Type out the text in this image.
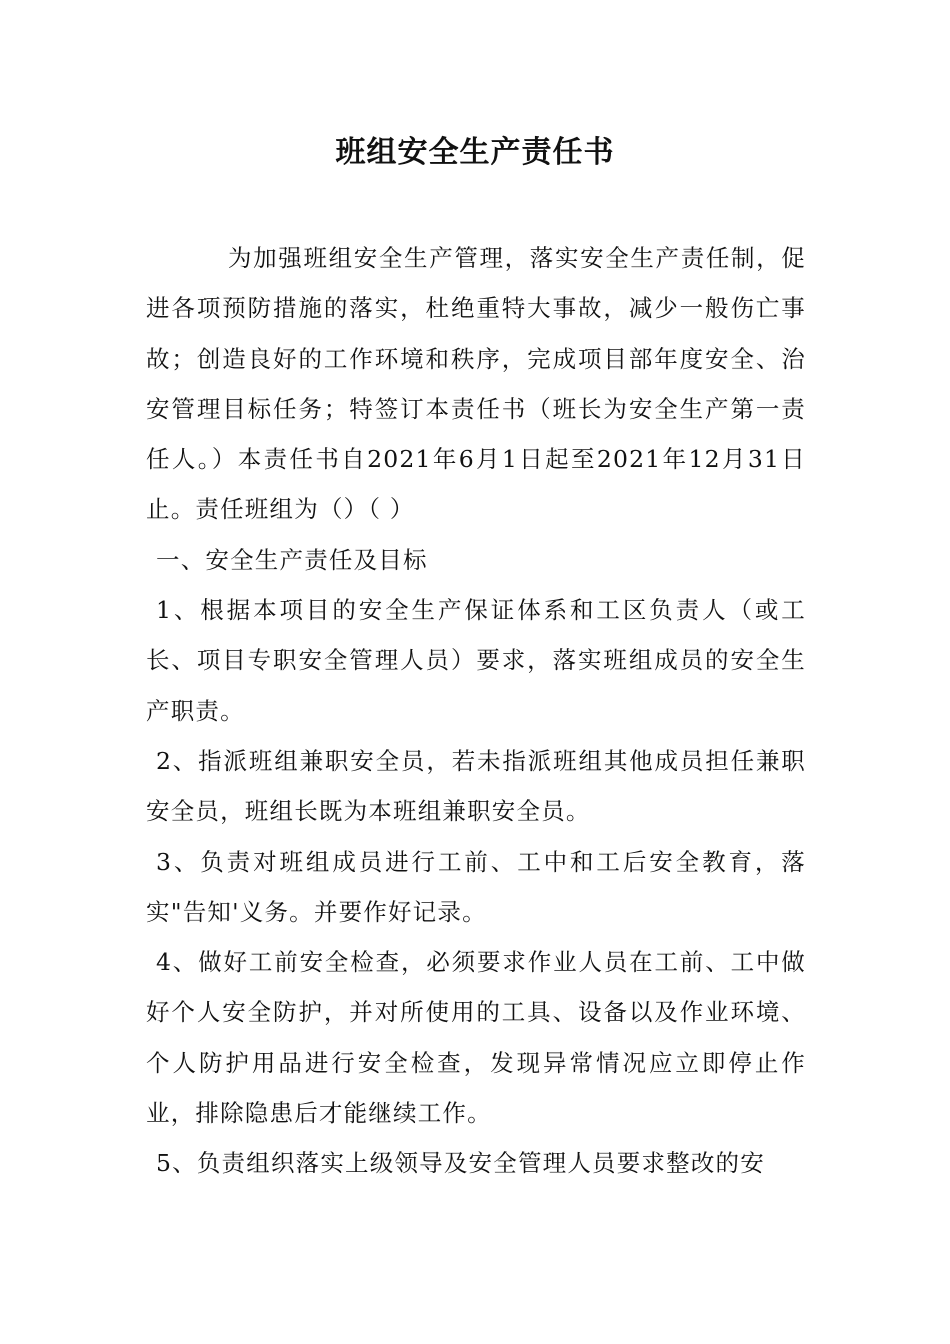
班组安全生产责任书

为加强班组安全生产管理，落实安全生产责任制，促进各项预防措施的落实，杜绝重特大事故，减少一般伤亡事故；创造良好的工作环境和秩序，完成项目部年度安全、治安管理目标任务；特签订本责任书（班长为安全生产第一责任人。）本责任书自2021年6月1日起至2021年12月31日止。责任班组为（）（ ）

一、安全生产责任及目标

1、根据本项目的安全生产保证体系和工区负责人（或工长、项目专职安全管理人员）要求，落实班组成员的安全生产职责。

2、指派班组兼职安全员，若未指派班组其他成员担任兼职安全员，班组长既为本班组兼职安全员。

3、负责对班组成员进行工前、工中和工后安全教育，落实"告知'义务。并要作好记录。

4、做好工前安全检查，必须要求作业人员在工前、工中做好个人安全防护，并对所使用的工具、设备以及作业环境、个人防护用品进行安全检查，发现异常情况应立即停止作业，排除隐患后才能继续工作。

5、负责组织落实上级领导及安全管理人员要求整改的安
